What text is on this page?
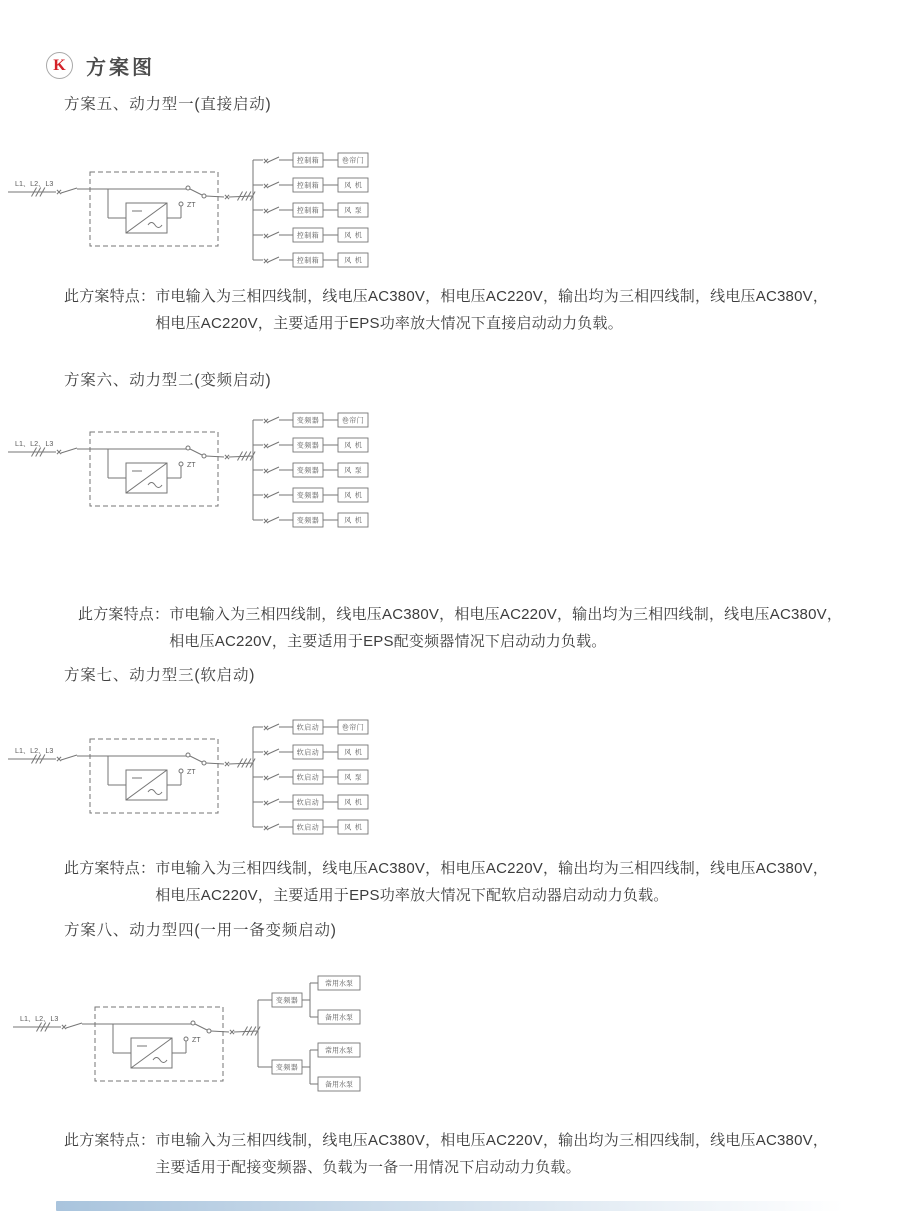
K	方案图
方案五、动力型一(直接启动)
L1、L2、L3
ZT
控制箱	卷帘门
控制箱	风 机
控制箱	风 泵
控制箱	风 机
控制箱	风 机

此方案特点： 市电输入为三相四线制，线电压AC380V，相电压AC220V，输出均为三相四线制，线电压AC380V，
相电压AC220V，主要适用于EPS功率放大情况下直接启动动力负载。

方案六、动力型二(变频启动)
L1、L2、L3
ZT
变频器	卷帘门
变频器	风 机
变频器	风 泵
变频器	风 机
变频器	风 机

此方案特点： 市电输入为三相四线制，线电压AC380V，相电压AC220V，输出均为三相四线制，线电压AC380V，
相电压AC220V，主要适用于EPS配变频器情况下启动动力负载。

方案七、动力型三(软启动)
L1、L2、L3
ZT
软启动	卷帘门
软启动	风 机
软启动	风 泵
软启动	风 机
软启动	风 机

此方案特点： 市电输入为三相四线制，线电压AC380V，相电压AC220V，输出均为三相四线制，线电压AC380V，
相电压AC220V，主要适用于EPS功率放大情况下配软启动器启动动力负载。

方案八、动力型四(一用一备变频启动)
L1、L2、L3
ZT
变频器
常用水泵
备用水泵
变频器
常用水泵
备用水泵

此方案特点： 市电输入为三相四线制，线电压AC380V，相电压AC220V，输出均为三相四线制，线电压AC380V，
主要适用于配接变频器、负载为一备一用情况下启动动力负载。
